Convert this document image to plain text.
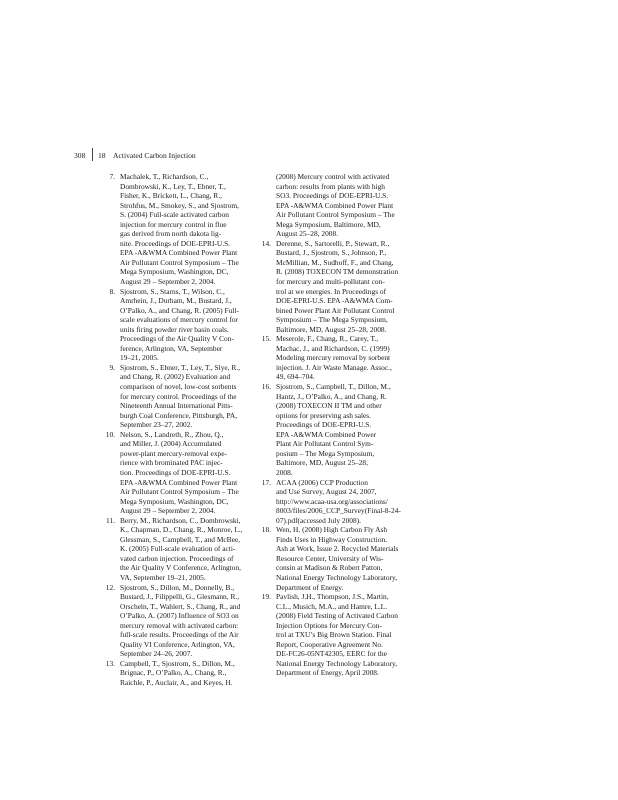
308 18 Activated Carbon Injection

7. Machalek, T., Richardson, C.,
Dombrowski, K., Ley, T., Ebner, T.,
Fisher, K., Brickett, L., Chang, R.,
Strohfus, M., Smokey, S., and Sjostrom,
S. (2004) Full-scale activated carbon
injection for mercury control in flue
gas derived from north dakota lig-
nite. Proceedings of DOE-EPRI-U.S.
EPA -A&WMA Combined Power Plant
Air Pollutant Control Symposium – The
Mega Symposium, Washington, DC,
August 29 – September 2, 2004.

8. Sjostrom, S., Starns, T., Wilson, C.,
Amrhein, J., Durham, M., Bustard, J.,
O’Palko, A., and Chang, R. (2005) Full-
scale evaluations of mercury control for
units firing powder river basin coals.
Proceedings of the Air Quality V Con-
ference, Arlington, VA, September
19–21, 2005.

9. Sjostrom, S., Ebner, T., Ley, T., Slye, R.,
and Chang, R. (2002) Evaluation and
comparison of novel, low-cost sorbents
for mercury control. Proceedings of the
Nineteenth Annual International Pitts-
burgh Coal Conference, Pittsburgh, PA,
September 23–27, 2002.

10. Nelson, S., Landreth, R., Zhou, Q.,
and Miller, J. (2004) Accumulated
power-plant mercury-removal expe-
rience with brominated PAC injec-
tion. Proceedings of DOE-EPRI-U.S.
EPA -A&WMA Combined Power Plant
Air Pollutant Control Symposium – The
Mega Symposium, Washington, DC,
August 29 – September 2, 2004.

11. Berry, M., Richardson, C., Dombrowski,
K., Chapman, D., Chang, R., Monroe, L.,
Glessman, S., Campbell, T., and McBee,
K. (2005) Full-scale evaluation of acti-
vated carbon injection. Proceedings of
the Air Quality V Conference, Arlington,
VA, September 19–21, 2005.

12. Sjostrom, S., Dillon, M., Donnelly, B.,
Bustard, J., Filippelli, G., Glesmann, R.,
Orscheln, T., Wahlert, S., Chang, R., and
O’Palko, A. (2007) Influence of SO3 on
mercury removal with activated carbon:
full-scale results. Proceedings of the Air
Quality VI Conference, Arlington, VA,
September 24–26, 2007.

13. Campbell, T., Sjostrom, S., Dillon, M.,
Brignac, P., O’Palko, A., Chang, R.,
Raichle, P., Auclair, A., and Keyes, H.

(2008) Mercury control with activated
carbon: results from plants with high
SO3. Proceedings of DOE-EPRI-U.S.
EPA -A&WMA Combined Power Plant
Air Pollutant Control Symposium – The
Mega Symposium, Baltimore, MD,
August 25–28, 2008.

14. Derenne, S., Sartorelli, P., Stewart, R.,
Bustard, J., Sjostrom, S., Johnson, P.,
McMillian, M., Sudhoff, F., and Chang,
R. (2008) TOXECON TM demonstration
for mercury and multi-pollutant con-
trol at we energies. In Proceedings of
DOE-EPRI-U.S. EPA -A&WMA Com-
bined Power Plant Air Pollutant Control
Symposium – The Mega Symposium,
Baltimore, MD, August 25–28, 2008.

15. Meserole, F., Chang, R., Carey, T.,
Machac, J., and Richardson, C. (1999)
Modeling mercury removal by sorbent
injection. J. Air Waste Manage. Assoc.,
49, 694–704.

16. Sjostrom, S., Campbell, T., Dillon, M.,
Hantz, J., O’Palko, A., and Chang, R.
(2008) TOXECON II TM and other
options for preserving ash sales.
Proceedings of DOE-EPRI-U.S.
EPA -A&WMA Combined Power
Plant Air Pollutant Control Sym-
posium – The Mega Symposium,
Baltimore, MD, August 25–28,
2008.

17. ACAA (2006) CCP Production
and Use Survey, August 24, 2007,
http://www.acaa-usa.org/associations/
8003/files/2006_CCP_Survey(Final-8-24-
07).pdf(accessed July 2008).

18. Wen, H. (2008) High Carbon Fly Ash
Finds Uses in Highway Construction.
Ash at Work, Issue 2. Recycled Materials
Resource Center, University of Wis-
consin at Madison & Robert Patton,
National Energy Technology Laboratory,
Department of Energy.

19. Pavlish, J.H., Thompson, J.S., Martin,
C.L., Musich, M.A., and Hamre, L.L.
(2008) Field Testing of Activated Carbon
Injection Options for Mercury Con-
trol at TXU’s Big Brown Station. Final
Report, Cooperative Agreement No.
DE-FC26-05NT42305, EERC for the
National Energy Technology Laboratory,
Department of Energy, April 2008.
